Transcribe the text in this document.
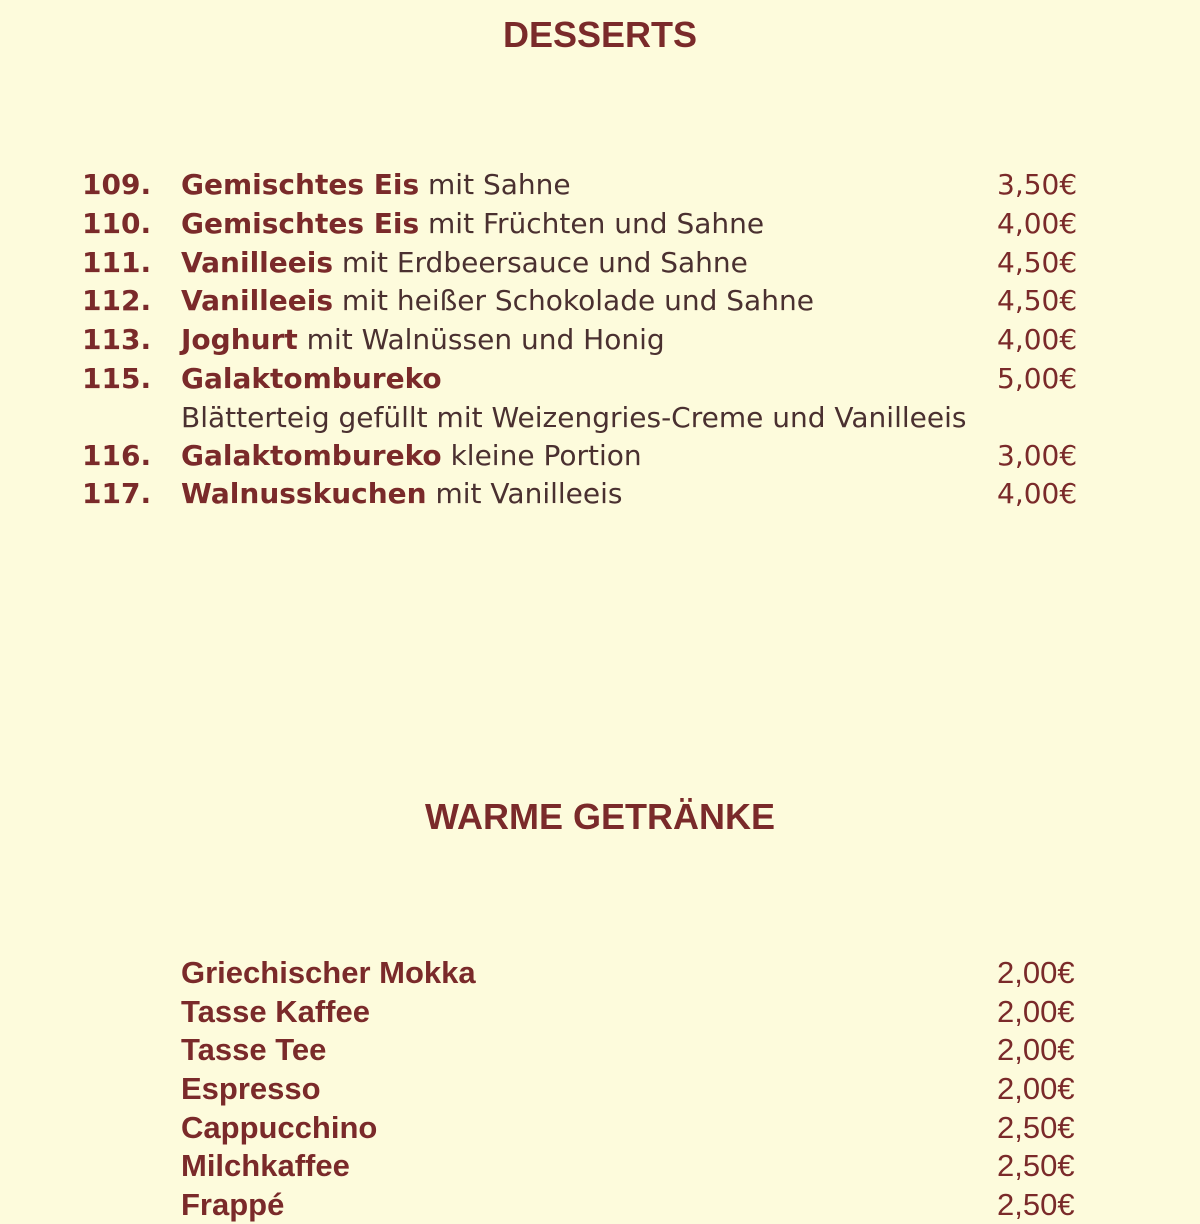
DESSERTS
109. Gemischtes Eis mit Sahne	3,50€
110. Gemischtes Eis mit Früchten und Sahne	4,00€
111. Vanilleeis mit Erdbeersauce und Sahne	4,50€
112. Vanilleeis mit heißer Schokolade und Sahne	4,50€
113. Joghurt mit Walnüssen und Honig	4,00€
115. Galaktombureko	5,00€
Blätterteig gefüllt mit Weizengries-Creme und Vanilleeis
116. Galaktombureko kleine Portion	3,00€
117. Walnusskuchen mit Vanilleeis	4,00€
WARME GETRÄNKE
Griechischer Mokka	2,00€
Tasse Kaffee	2,00€
Tasse Tee	2,00€
Espresso	2,00€
Cappucchino	2,50€
Milchkaffee	2,50€
Frappé	2,50€
